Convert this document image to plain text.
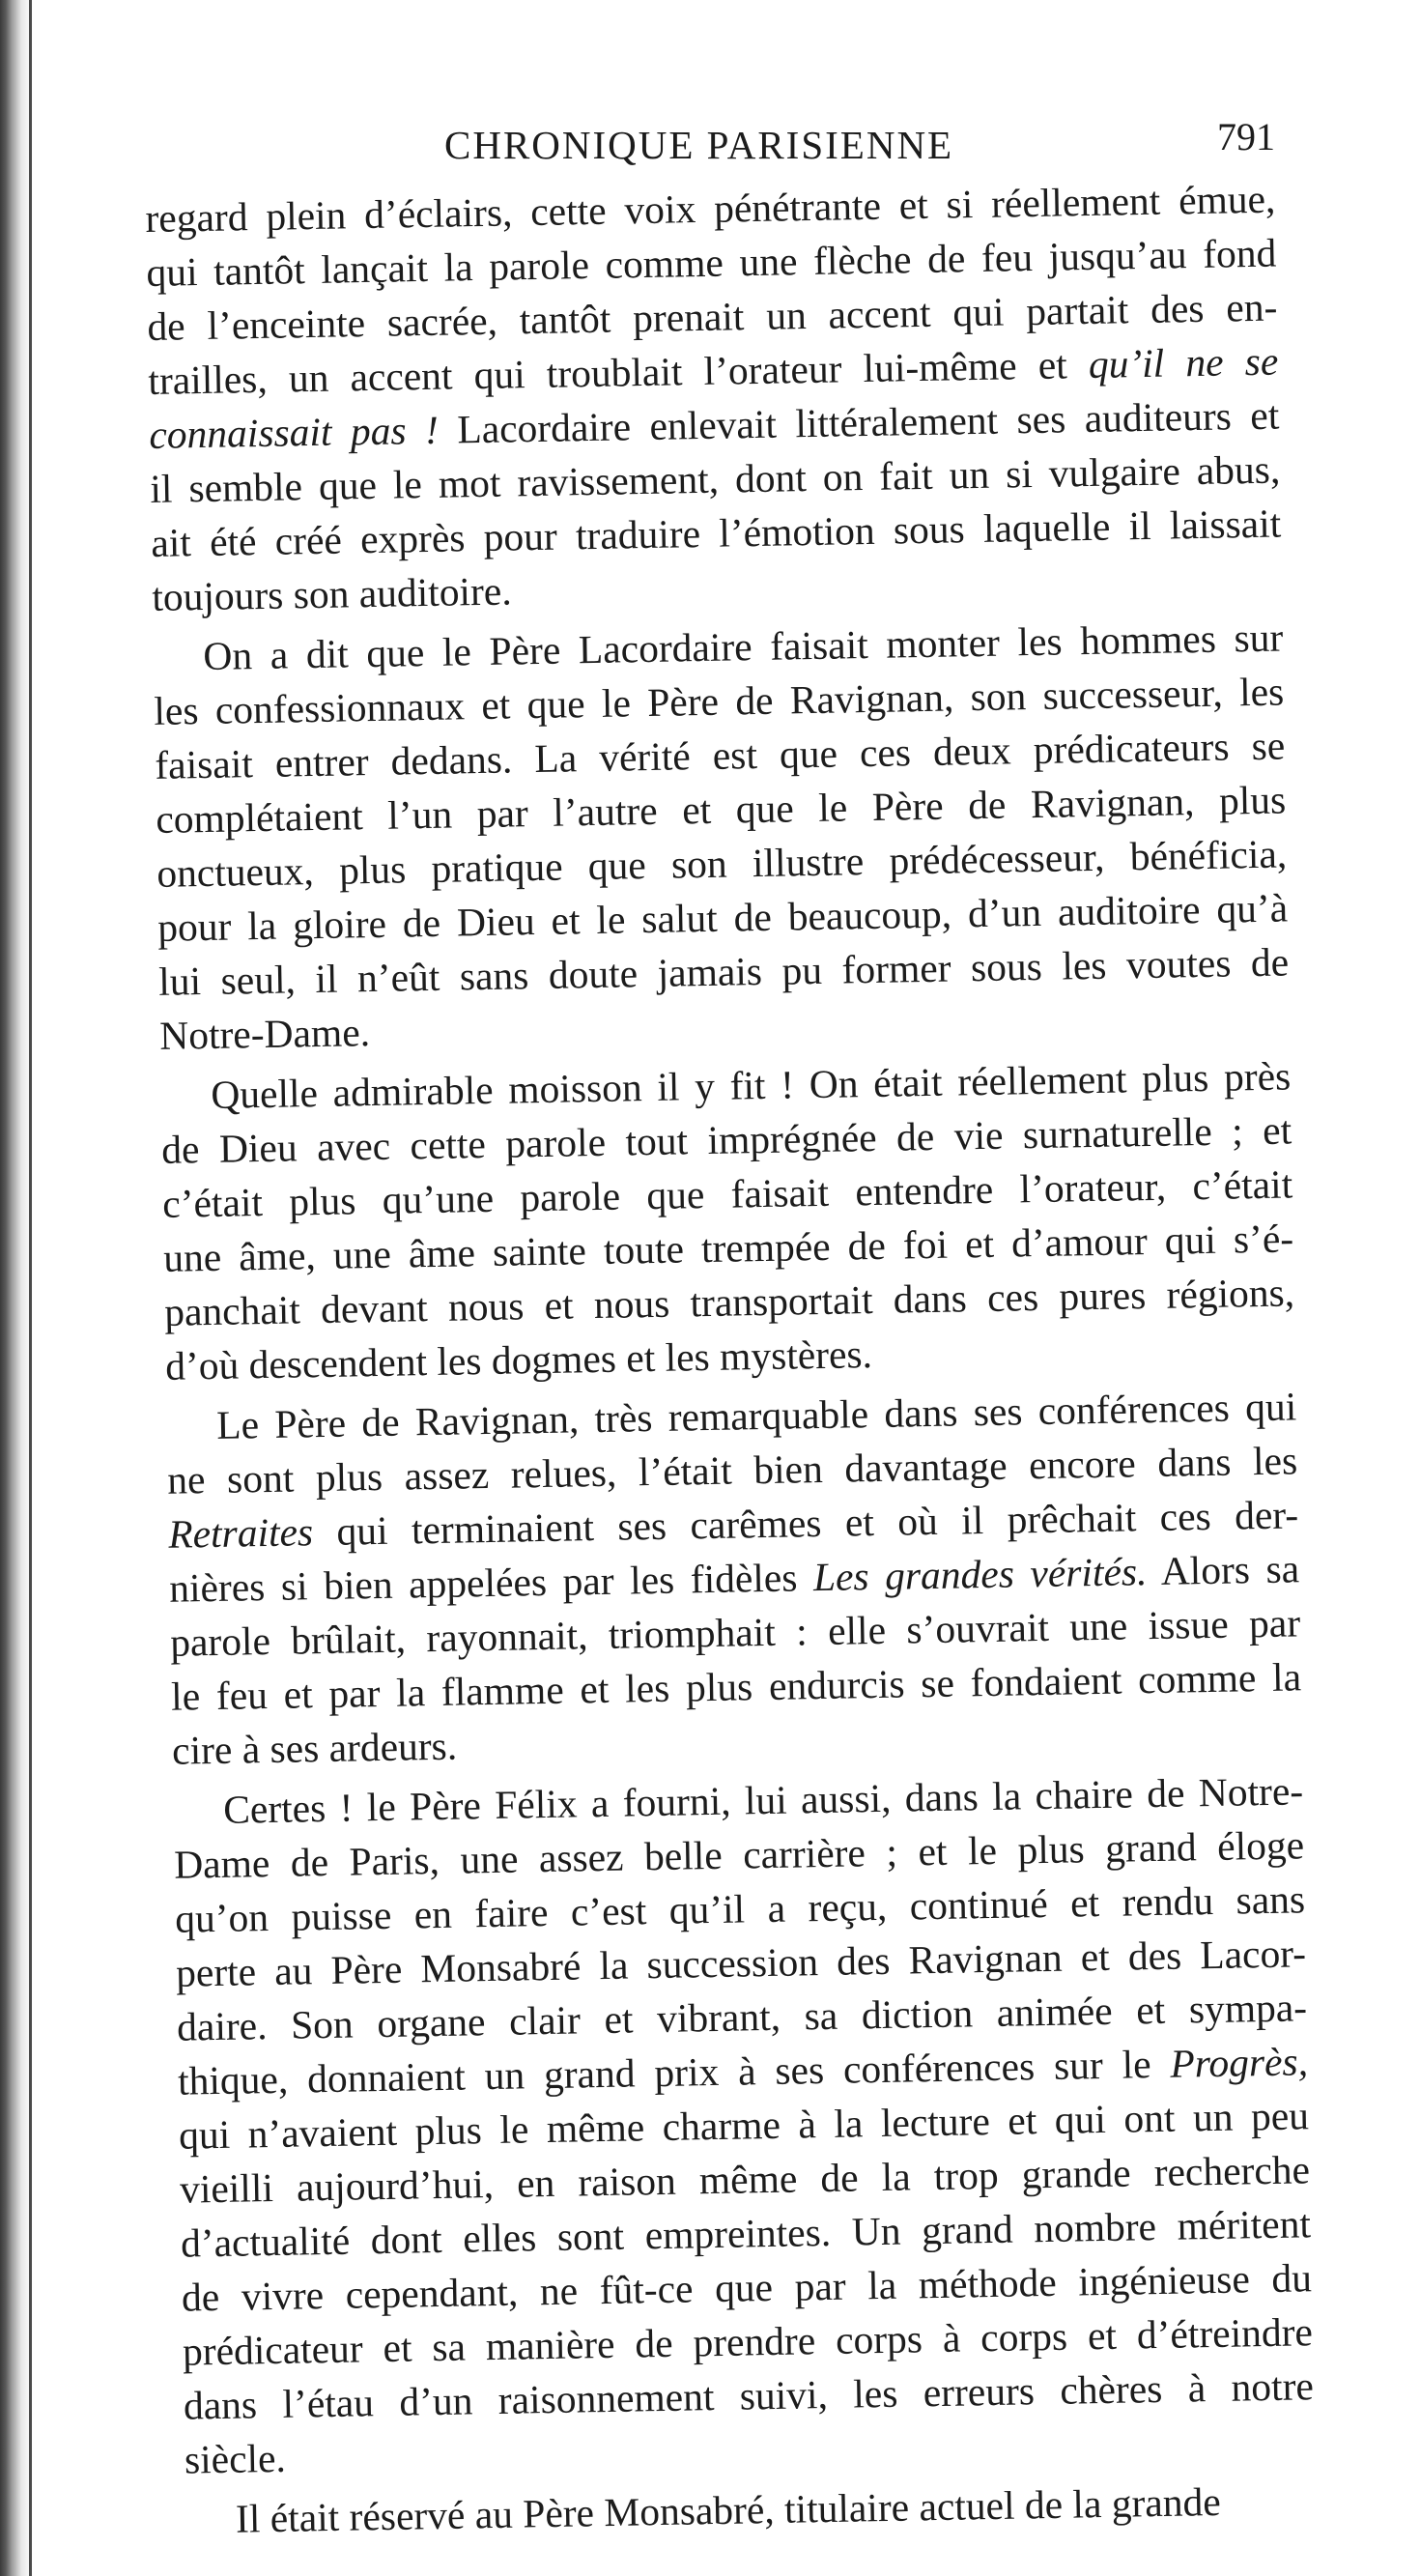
CHRONIQUE PARISIENNE	791
regard plein d’éclairs, cette voix pénétrante et si réellement émue,
qui tantôt lançait la parole comme une flèche de feu jusqu’au fond
de l’enceinte sacrée, tantôt prenait un accent qui partait des en-
trailles, un accent qui troublait l’orateur lui-même et qu’il ne se
connaissait pas ! Lacordaire enlevait littéralement ses auditeurs et
il semble que le mot ravissement, dont on fait un si vulgaire abus,
ait été créé exprès pour traduire l’émotion sous laquelle il laissait
toujours son auditoire.
On a dit que le Père Lacordaire faisait monter les hommes sur
les confessionnaux et que le Père de Ravignan, son successeur, les
faisait entrer dedans. La vérité est que ces deux prédicateurs se
complétaient l’un par l’autre et que le Père de Ravignan, plus
onctueux, plus pratique que son illustre prédécesseur, bénéficia,
pour la gloire de Dieu et le salut de beaucoup, d’un auditoire qu’à
lui seul, il n’eût sans doute jamais pu former sous les voutes de
Notre-Dame.
Quelle admirable moisson il y fit ! On était réellement plus près
de Dieu avec cette parole tout imprégnée de vie surnaturelle ; et
c’était plus qu’une parole que faisait entendre l’orateur, c’était
une âme, une âme sainte toute trempée de foi et d’amour qui s’é-
panchait devant nous et nous transportait dans ces pures régions,
d’où descendent les dogmes et les mystères.
Le Père de Ravignan, très remarquable dans ses conférences qui
ne sont plus assez relues, l’était bien davantage encore dans les
Retraites qui terminaient ses carêmes et où il prêchait ces der-
nières si bien appelées par les fidèles Les grandes vérités. Alors sa
parole brûlait, rayonnait, triomphait : elle s’ouvrait une issue par
le feu et par la flamme et les plus endurcis se fondaient comme la
cire à ses ardeurs.
Certes ! le Père Félix a fourni, lui aussi, dans la chaire de Notre-
Dame de Paris, une assez belle carrière ; et le plus grand éloge
qu’on puisse en faire c’est qu’il a reçu, continué et rendu sans
perte au Père Monsabré la succession des Ravignan et des Lacor-
daire. Son organe clair et vibrant, sa diction animée et sympa-
thique, donnaient un grand prix à ses conférences sur le Progrès,
qui n’avaient plus le même charme à la lecture et qui ont un peu
vieilli aujourd’hui, en raison même de la trop grande recherche
d’actualité dont elles sont empreintes. Un grand nombre méritent
de vivre cependant, ne fût-ce que par la méthode ingénieuse du
prédicateur et sa manière de prendre corps à corps et d’étreindre
dans l’étau d’un raisonnement suivi, les erreurs chères à notre
siècle.
Il était réservé au Père Monsabré, titulaire actuel de la grande
